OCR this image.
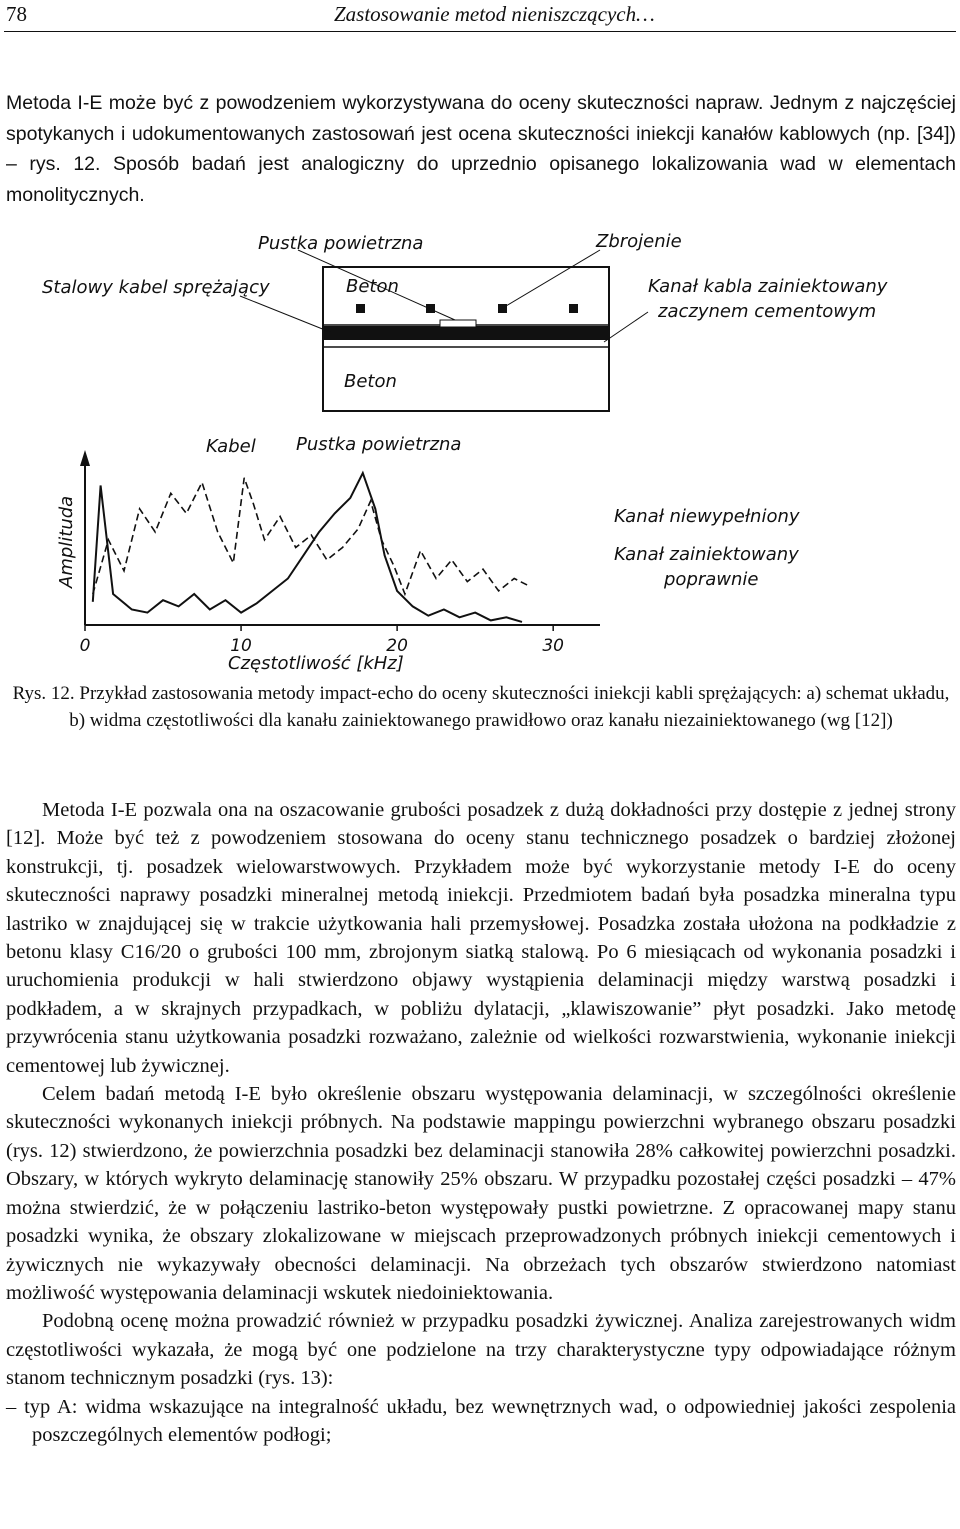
78	Zastosowanie metod nieniszczących…
Metoda I-E może być z powodzeniem wykorzystywana do oceny skuteczności napraw. Jednym z najczęściej spotykanych i udokumentowanych zastosowań jest ocena skuteczności iniekcji kanałów kablowych (np. [34]) – rys. 12. Sposób badań jest analogiczny do uprzednio opisanego lokalizowania wad w elementach monolitycznych.
Pustka powietrzna	Zbrojenie
Stalowy kabel sprężający	Beton
Beton
Kanał kabla zainiektowany
zaczynem cementowym
0	10	20	30
Amplituda
Częstotliwość [kHz]
Kabel Pustka powietrzna
Kanał niewypełniony
Kanał zainiektowany
poprawnie
Rys. 12. Przykład zastosowania metody impact-echo do oceny skuteczności iniekcji kabli sprężających: a) schemat układu, b) widma częstotliwości dla kanału zainiektowanego prawidłowo oraz kanału niezainiektowanego (wg [12])

Metoda I-E pozwala ona na oszacowanie grubości posadzek z dużą dokładności przy dostępie z jednej strony [12]. Może być też z powodzeniem stosowana do oceny stanu technicznego posadzek o bardziej złożonej konstrukcji, tj. posadzek wielowarstwowych. Przykładem może być wykorzystanie metody I-E do oceny skuteczności naprawy posadzki mineralnej metodą iniekcji. Przedmiotem badań była posadzka mineralna typu lastriko w znajdującej się w trakcie użytkowania hali przemysłowej. Posadzka została ułożona na podkładzie z betonu klasy C16/20 o grubości 100 mm, zbrojonym siatką stalową. Po 6 miesiącach od wykonania posadzki i uruchomienia produkcji w hali stwierdzono objawy wystąpienia delaminacji między warstwą posadzki i podkładem, a w skrajnych przypadkach, w pobliżu dylatacji, „klawiszowanie” płyt posadzki. Jako metodę przywrócenia stanu użytkowania posadzki rozważano, zależnie od wielkości rozwarstwienia, wykonanie iniekcji cementowej lub żywicznej.

Celem badań metodą I-E było określenie obszaru występowania delaminacji, w szczególności określenie skuteczności wykonanych iniekcji próbnych. Na podstawie mappingu powierzchni wybranego obszaru posadzki (rys. 12) stwierdzono, że powierzchnia posadzki bez delaminacji stanowiła 28% całkowitej powierzchni posadzki. Obszary, w których wykryto delaminację stanowiły 25% obszaru. W przypadku pozostałej części posadzki – 47% można stwierdzić, że w połączeniu lastriko-beton występowały pustki powietrzne. Z opracowanej mapy stanu posadzki wynika, że obszary zlokalizowane w miejscach przeprowadzonych próbnych iniekcji cementowych i żywicznych nie wykazywały obecności delaminacji. Na obrzeżach tych obszarów stwierdzono natomiast możliwość występowania delaminacji wskutek niedoiniektowania.

Podobną ocenę można prowadzić również w przypadku posadzki żywicznej. Analiza zarejestrowanych widm częstotliwości wykazała, że mogą być one podzielone na trzy charakterystyczne typy odpowiadające różnym stanom technicznym posadzki (rys. 13):

– typ A: widma wskazujące na integralność układu, bez wewnętrznych wad, o odpowiedniej jakości zespolenia poszczególnych elementów podłogi;
